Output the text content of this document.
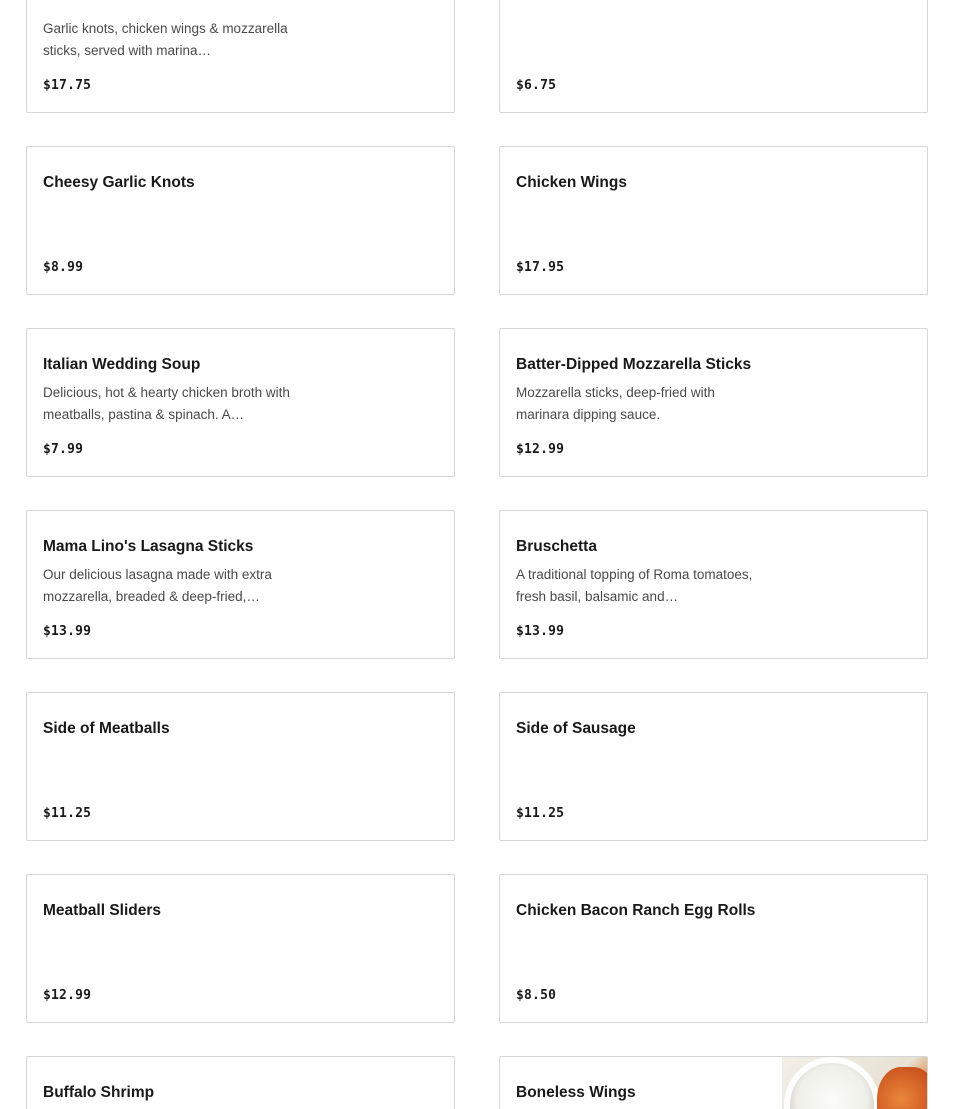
Garlic knots, chicken wings & mozzarella sticks, served with marina…
$17.75	$6.75
Cheesy Garlic Knots
$8.99
Chicken Wings
$17.95
Italian Wedding Soup
Delicious, hot & hearty chicken broth with meatballs, pastina & spinach. A…
$7.99
Batter-Dipped Mozzarella Sticks
Mozzarella sticks, deep-fried with marinara dipping sauce.
$12.99
Mama Lino's Lasagna Sticks
Our delicious lasagna made with extra mozzarella, breaded & deep-fried,…
$13.99
Bruschetta
A traditional topping of Roma tomatoes, fresh basil, balsamic and…
$13.99
Side of Meatballs
$11.25
Side of Sausage
$11.25
Meatball Sliders
$12.99
Chicken Bacon Ranch Egg Rolls
$8.50
Buffalo Shrimp	Boneless Wings
